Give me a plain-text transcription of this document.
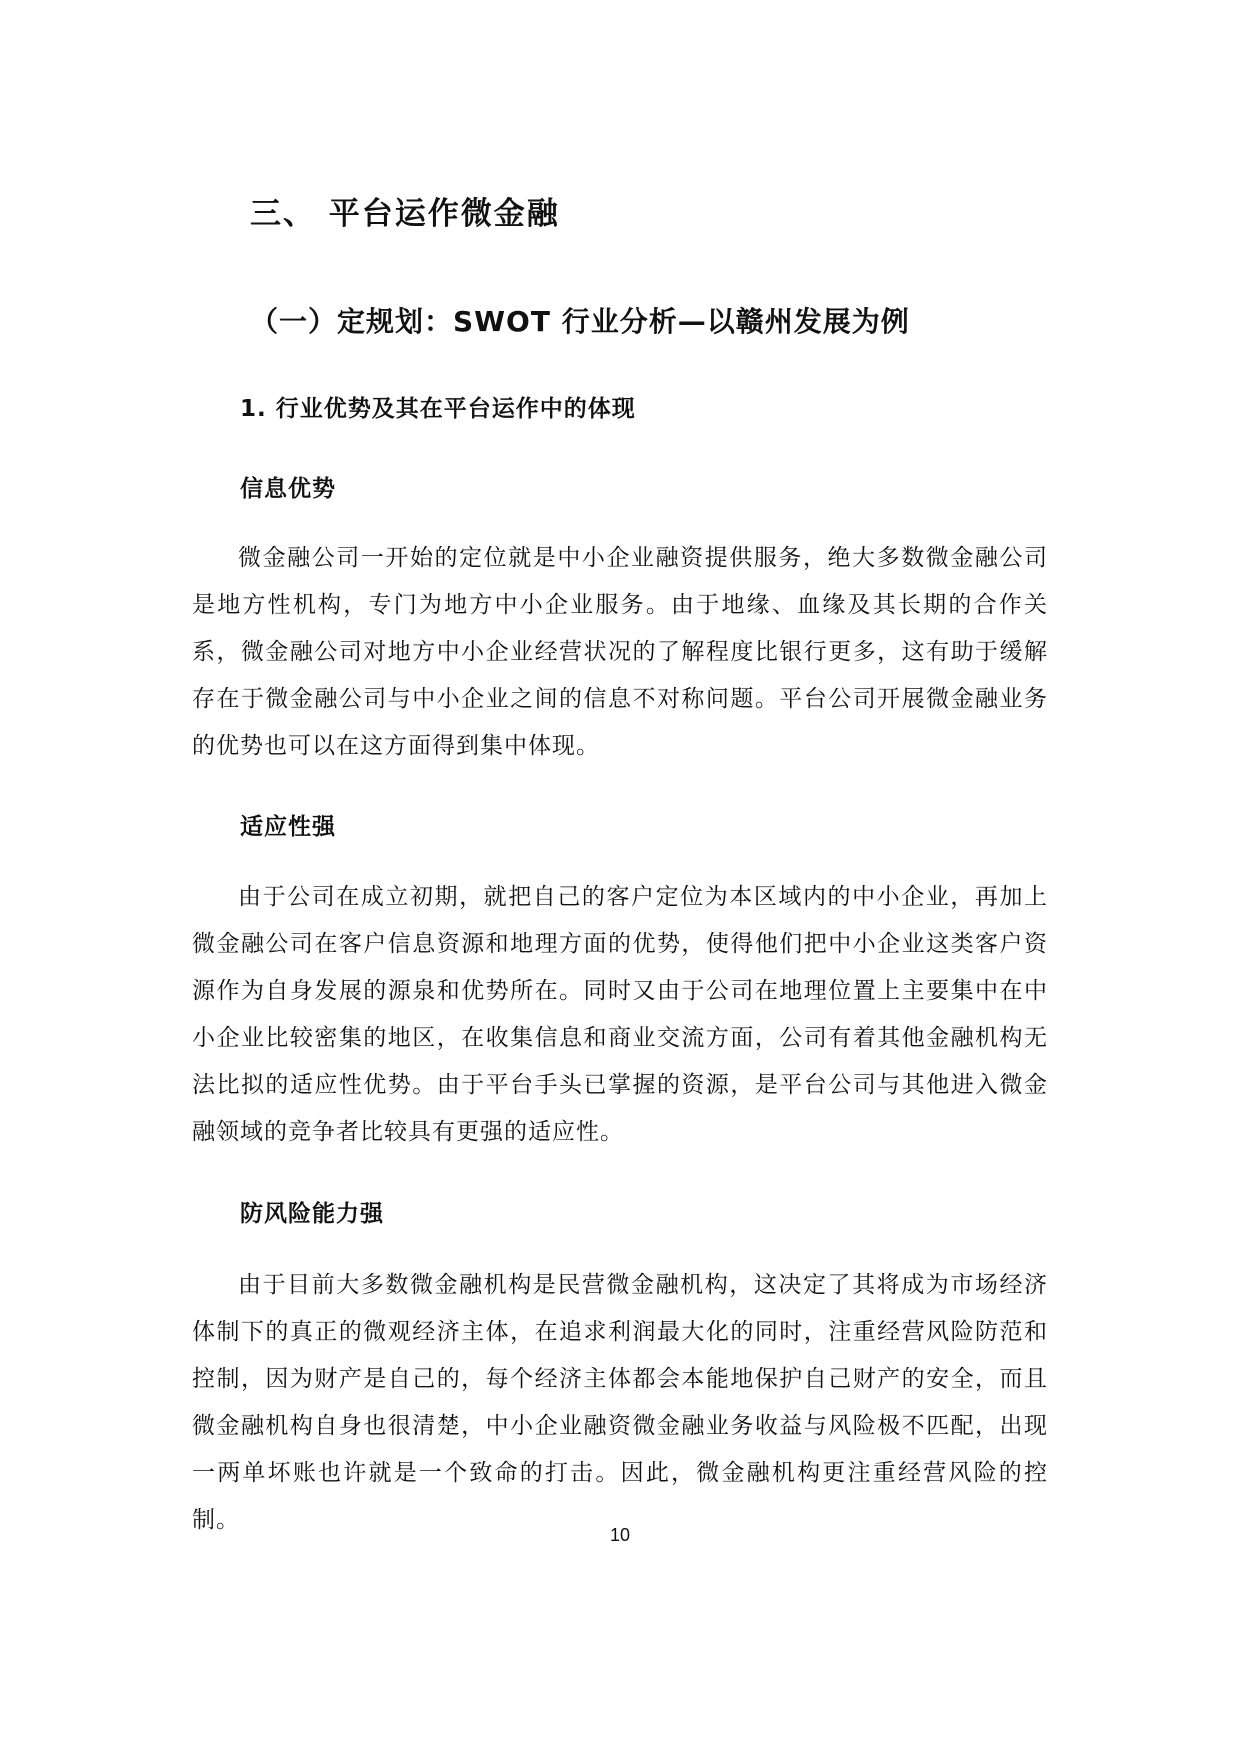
三、 平台运作微金融
（一）定规划：SWOT 行业分析—以赣州发展为例
1. 行业优势及其在平台运作中的体现
信息优势

微金融公司一开始的定位就是中小企业融资提供服务，绝大多数微金融公司是地方性机构，专门为地方中小企业服务。由于地缘、血缘及其长期的合作关系，微金融公司对地方中小企业经营状况的了解程度比银行更多，这有助于缓解存在于微金融公司与中小企业之间的信息不对称问题。平台公司开展微金融业务的优势也可以在这方面得到集中体现。

适应性强

由于公司在成立初期，就把自己的客户定位为本区域内的中小企业，再加上微金融公司在客户信息资源和地理方面的优势，使得他们把中小企业这类客户资源作为自身发展的源泉和优势所在。同时又由于公司在地理位置上主要集中在中小企业比较密集的地区，在收集信息和商业交流方面，公司有着其他金融机构无法比拟的适应性优势。由于平台手头已掌握的资源，是平台公司与其他进入微金融领域的竞争者比较具有更强的适应性。

防风险能力强

由于目前大多数微金融机构是民营微金融机构，这决定了其将成为市场经济体制下的真正的微观经济主体，在追求利润最大化的同时，注重经营风险防范和控制，因为财产是自己的，每个经济主体都会本能地保护自己财产的安全，而且微金融机构自身也很清楚，中小企业融资微金融业务收益与风险极不匹配，出现一两单坏账也许就是一个致命的打击。因此，微金融机构更注重经营风险的控制。

10
